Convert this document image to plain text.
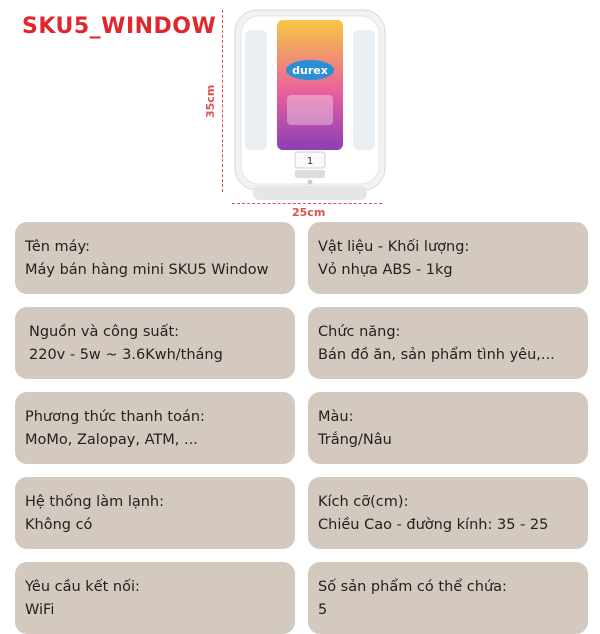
SKU5_WINDOW
durex
1
35cm
25cm
Tên máy:
Máy bán hàng mini SKU5 Window
Vật liệu - Khối lượng:
Vỏ nhựa ABS - 1kg
Nguồn và công suất:
220v - 5w ~ 3.6Kwh/tháng
Chức năng:
Bán đồ ăn, sản phẩm tình yêu,...
Phương thức thanh toán:
MoMo, Zalopay, ATM, ...
Màu:
Trắng/Nâu
Hệ thống làm lạnh:
Không có
Kích cỡ(cm):
Chiều Cao - đường kính: 35 - 25
Yêu cầu kết nối:
WiFi
Số sản phẩm có thể chứa:
5
